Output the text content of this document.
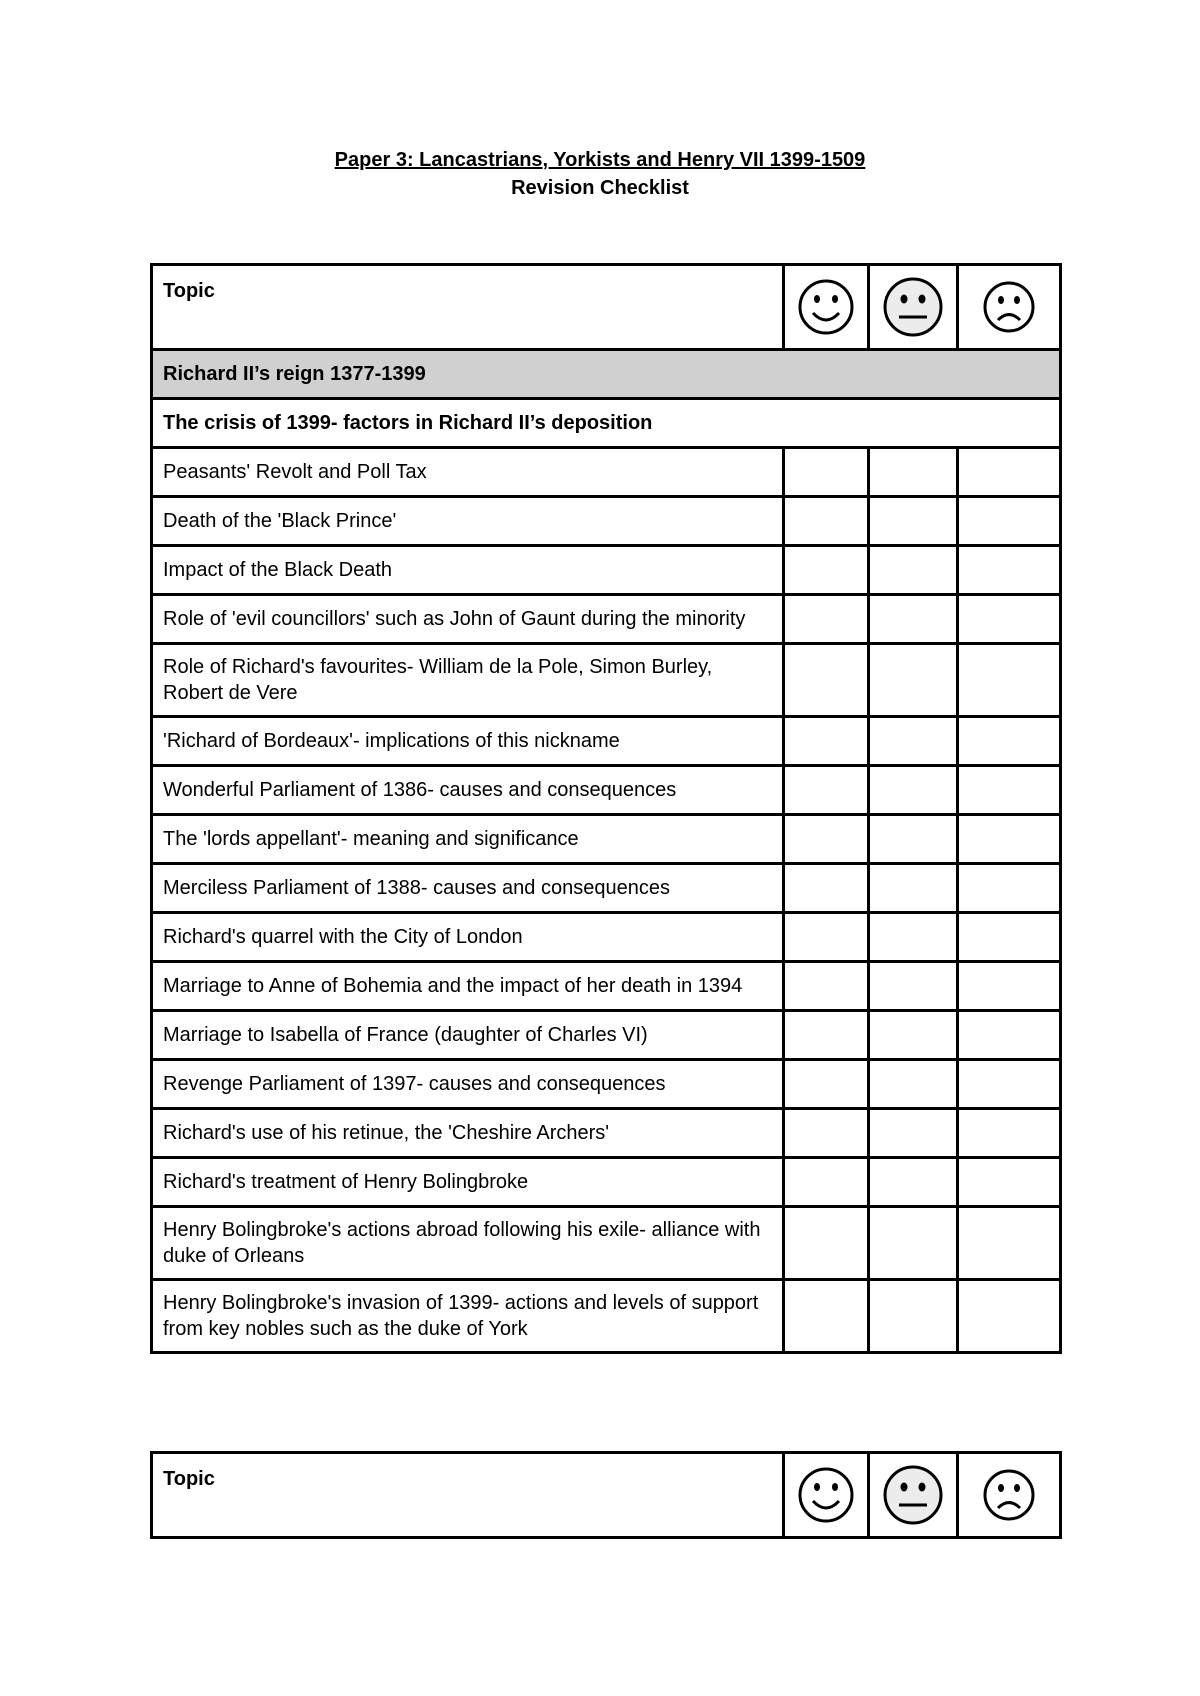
Paper 3: Lancastrians, Yorkists and Henry VII 1399-1509
Revision Checklist
Topic	

Richard II’s reign 1377-1399			
The crisis of 1399- factors in Richard II’s deposition			
Peasants' Revolt and Poll Tax			
Death of the 'Black Prince'			
Impact of the Black Death			
Role of 'evil councillors' such as John of Gaunt during the minority			
Role of Richard's favourites- William de la Pole, Simon Burley, Robert de Vere			
'Richard of Bordeaux'- implications of this nickname			
Wonderful Parliament of 1386- causes and consequences			
The 'lords appellant'- meaning and significance			
Merciless Parliament of 1388- causes and consequences			
Richard's quarrel with the City of London			
Marriage to Anne of Bohemia and the impact of her death in 1394			
Marriage to Isabella of France (daughter of Charles VI)			
Revenge Parliament of 1397- causes and consequences			
Richard's use of his retinue, the 'Cheshire Archers'			
Richard's treatment of Henry Bolingbroke			
Henry Bolingbroke's actions abroad following his exile- alliance with duke of Orleans			
Henry Bolingbroke's invasion of 1399- actions and levels of support from key nobles such as the duke of York			
Topic	
